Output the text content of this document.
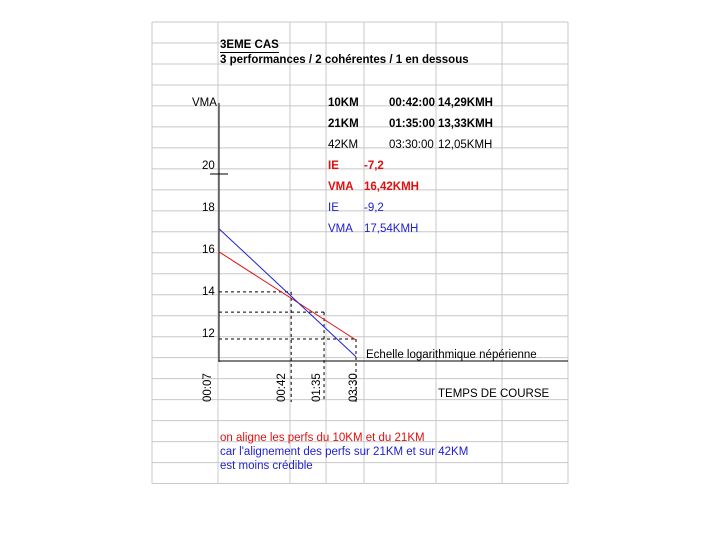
3EME CAS
3 performances / 2 cohérentes / 1 en dessous
10KM	00:42:00 14,29KMH
21KM	01:35:00 13,33KMH
42KM	03:30:00 12,05KMH
IE -7,2
VMA 16,42KMH
IE -9,2
VMA 17,54KMH
VMA
20
18
16
14
12
Echelle logarithmique népérienne
TEMPS DE COURSE
00:07	00:42 01:35 03:30
on aligne les perfs du 10KM et du 21KM
car l'alignement des perfs sur 21KM et sur 42KM
est moins crédible
